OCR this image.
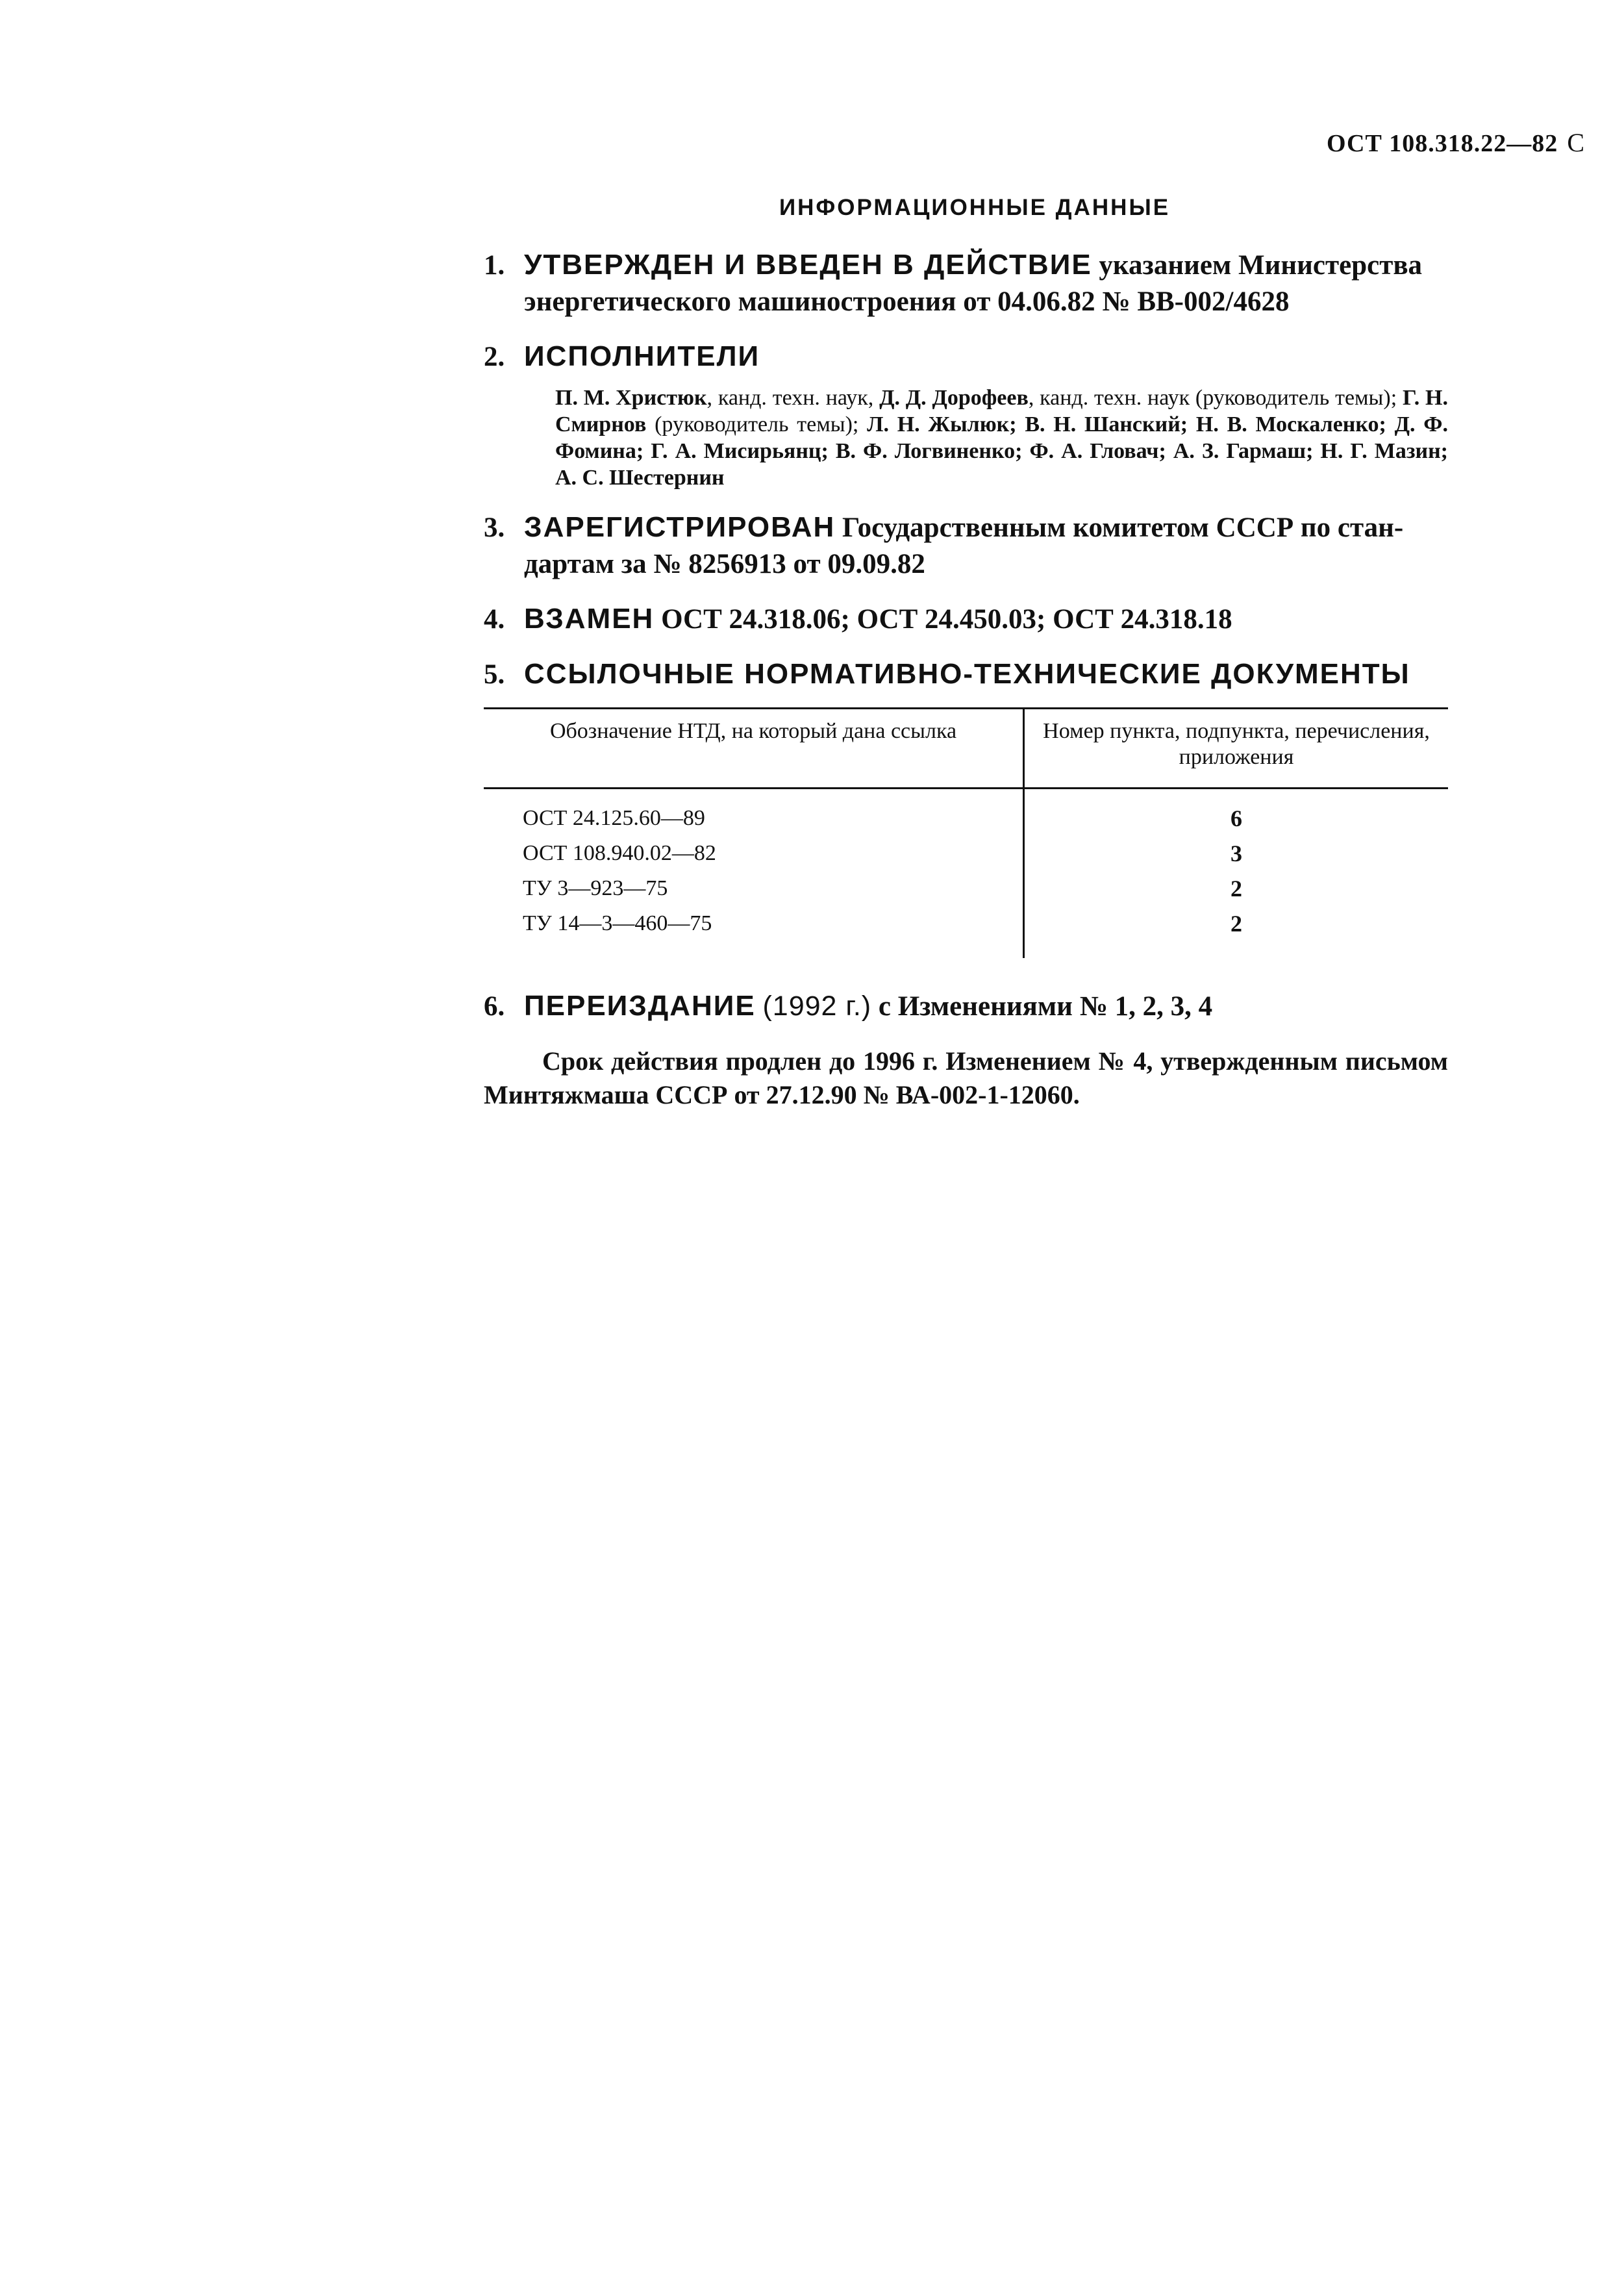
ОСТ 108.318.22—82 С
ИНФОРМАЦИОННЫЕ ДАННЫЕ
1. УТВЕРЖДЕН И ВВЕДЕН В ДЕЙСТВИЕ указанием Министерства
энергетического машиностроения от 04.06.82 № ВВ-002/4628
2. ИСПОЛНИТЕЛИ
П. М. Христюк, канд. техн. наук, Д. Д. Дорофеев, канд. техн. наук (руководитель темы); Г. Н. Смирнов (руководитель темы); Л. Н. Жылюк; В. Н. Шанский; Н. В. Москаленко; Д. Ф. Фомина; Г. А. Мисирьянц; В. Ф. Логвиненко; Ф. А. Гловач; А. З. Гармаш; Н. Г. Мазин; А. С. Шестернин
3. ЗАРЕГИСТРИРОВАН Государственным комитетом СССР по стан-
дартам за № 8256913 от 09.09.82
4. ВЗАМЕН ОСТ 24.318.06; ОСТ 24.450.03; ОСТ 24.318.18
5. ССЫЛОЧНЫЕ НОРМАТИВНО-ТЕХНИЧЕСКИЕ ДОКУМЕНТЫ
Обозначение НТД, на который дана ссылка	Номер пункта, подпункта, перечисления, приложения
ОСТ 24.125.60—89	6
ОСТ 108.940.02—82	3
ТУ 3—923—75	2
ТУ 14—3—460—75	2
6. ПЕРЕИЗДАНИЕ (1992 г.) с Изменениями № 1, 2, 3, 4
Срок действия продлен до 1996 г. Изменением № 4, утвержденным письмом Минтяжмаша СССР от 27.12.90 № ВА-002-1-12060.
